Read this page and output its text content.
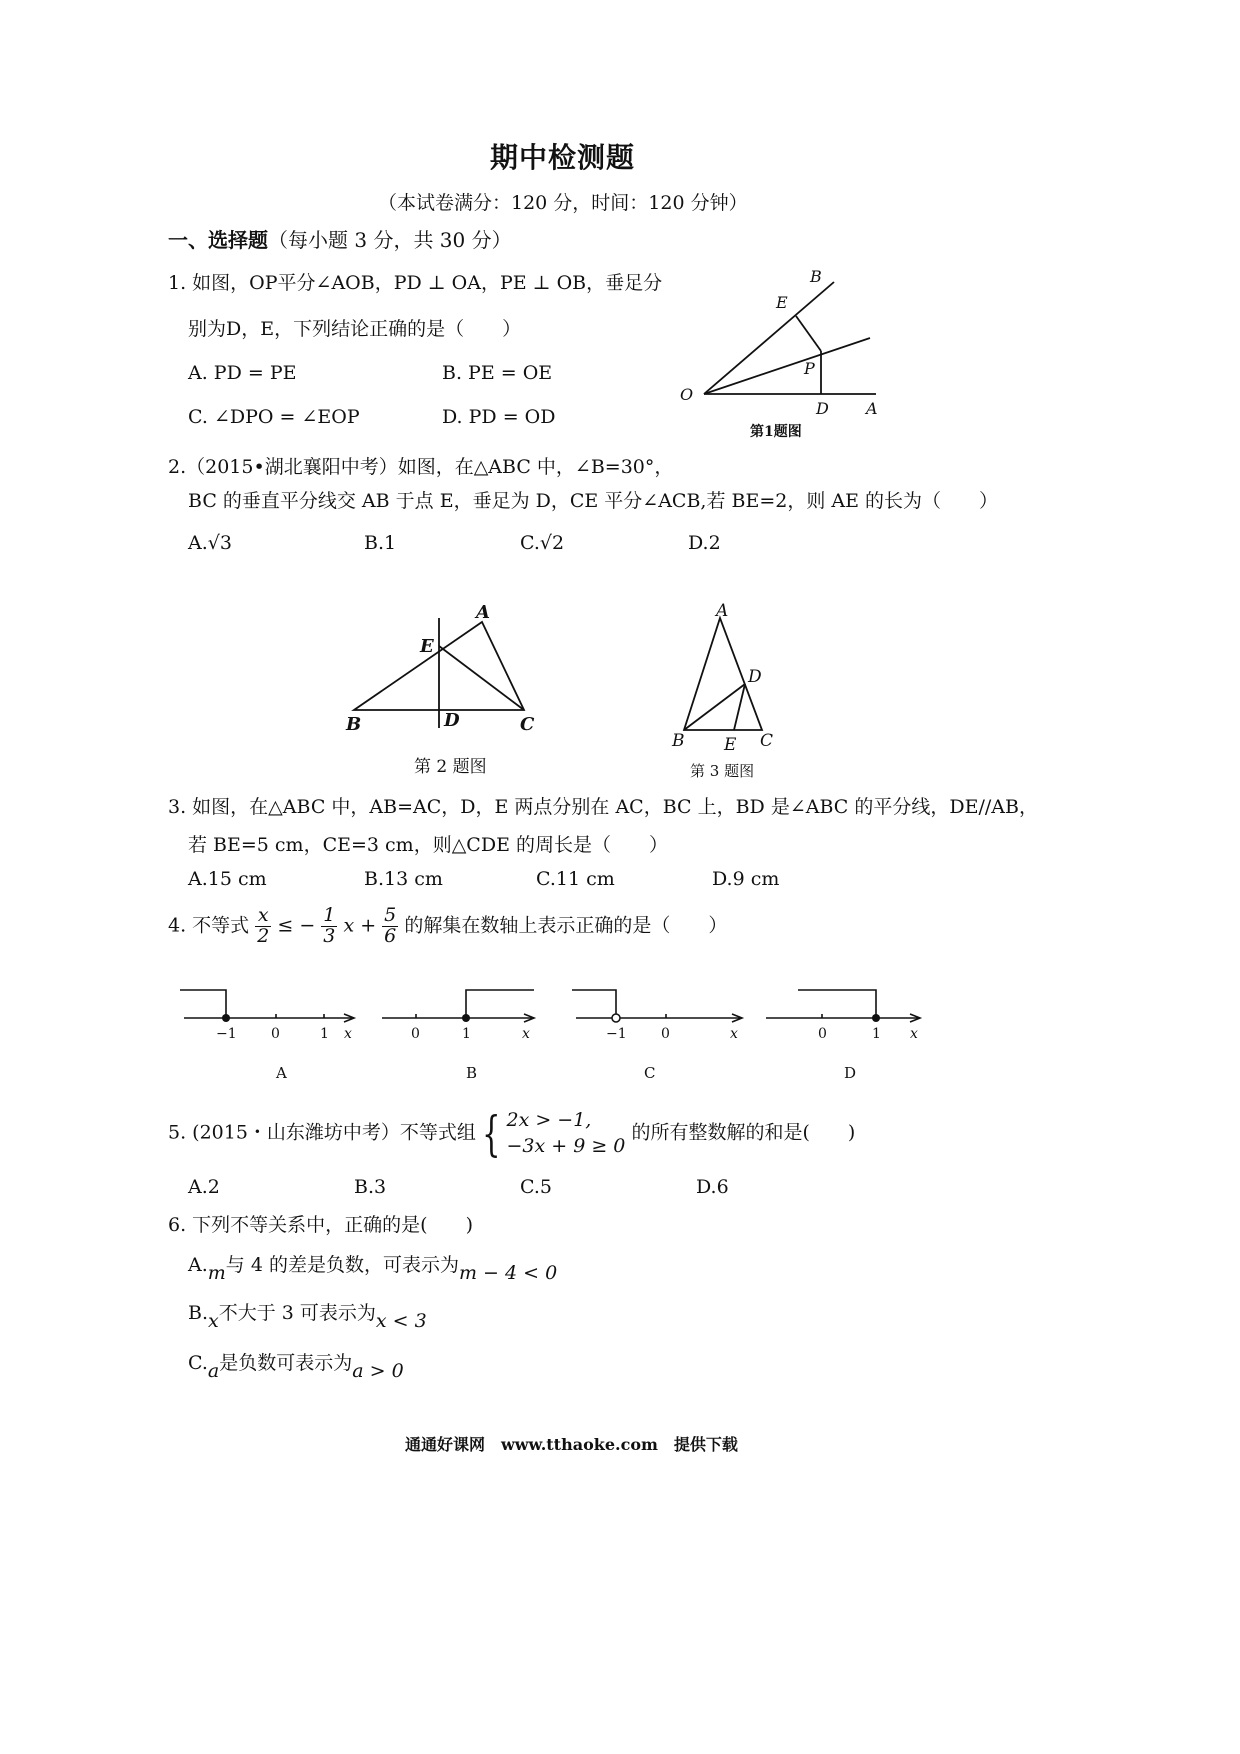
期中检测题
（本试卷满分：120 分，时间：120 分钟）
一、选择题（每小题 3 分，共 30 分）
1. 如图，OP平分∠AOB，PD ⊥ OA，PE ⊥ OB，垂足分
别为D，E，下列结论正确的是（　　）
A. PD = PE	B. PE = OE
C. ∠DPO = ∠EOP	D. PD = OD
B
E
P
O
D A
第1题图
2.（2015•湖北襄阳中考）如图，在△ABC 中，∠B=30°，
BC 的垂直平分线交 AB 于点 E，垂足为 D，CE 平分∠ACB,若 BE=2，则 AE 的长为（　　）
A.√3	B.1	C.√2	D.2
A
E
B	D	C
第 2 题图
A
D
B E C
第 3 题图
3. 如图，在△ABC 中，AB=AC，D，E 两点分别在 AC，BC 上，BD 是∠ABC 的平分线，DE//AB，
若 BE=5 cm，CE=3 cm，则△CDE 的周长是（　　）
A.15 cm	B.13 cm	C.11 cm	D.9 cm
4. 不等式 $\frac{x}{2}$ ≤ − $\frac{1}{3}$ $x + \frac{5}{6}$ 的解集在数轴上表示正确的是（　　）
−1 0	1 x
A
0	1	x
B
−1 0	x
C
0	1 x
D
5. (2015・山东潍坊中考）不等式组 { 2x > −1,
−3x + 9 ≥ 0
的所有整数解的和是(　　)
A.2	B.3	C.5	D.6
6. 下列不等关系中，正确的是(　　)
A.m与 4 的差是负数，可表示为m − 4 < 0
B.x不大于 3 可表示为x < 3
C.a是负数可表示为a > 0
通通好课网　www.tthaoke.com　提供下载
